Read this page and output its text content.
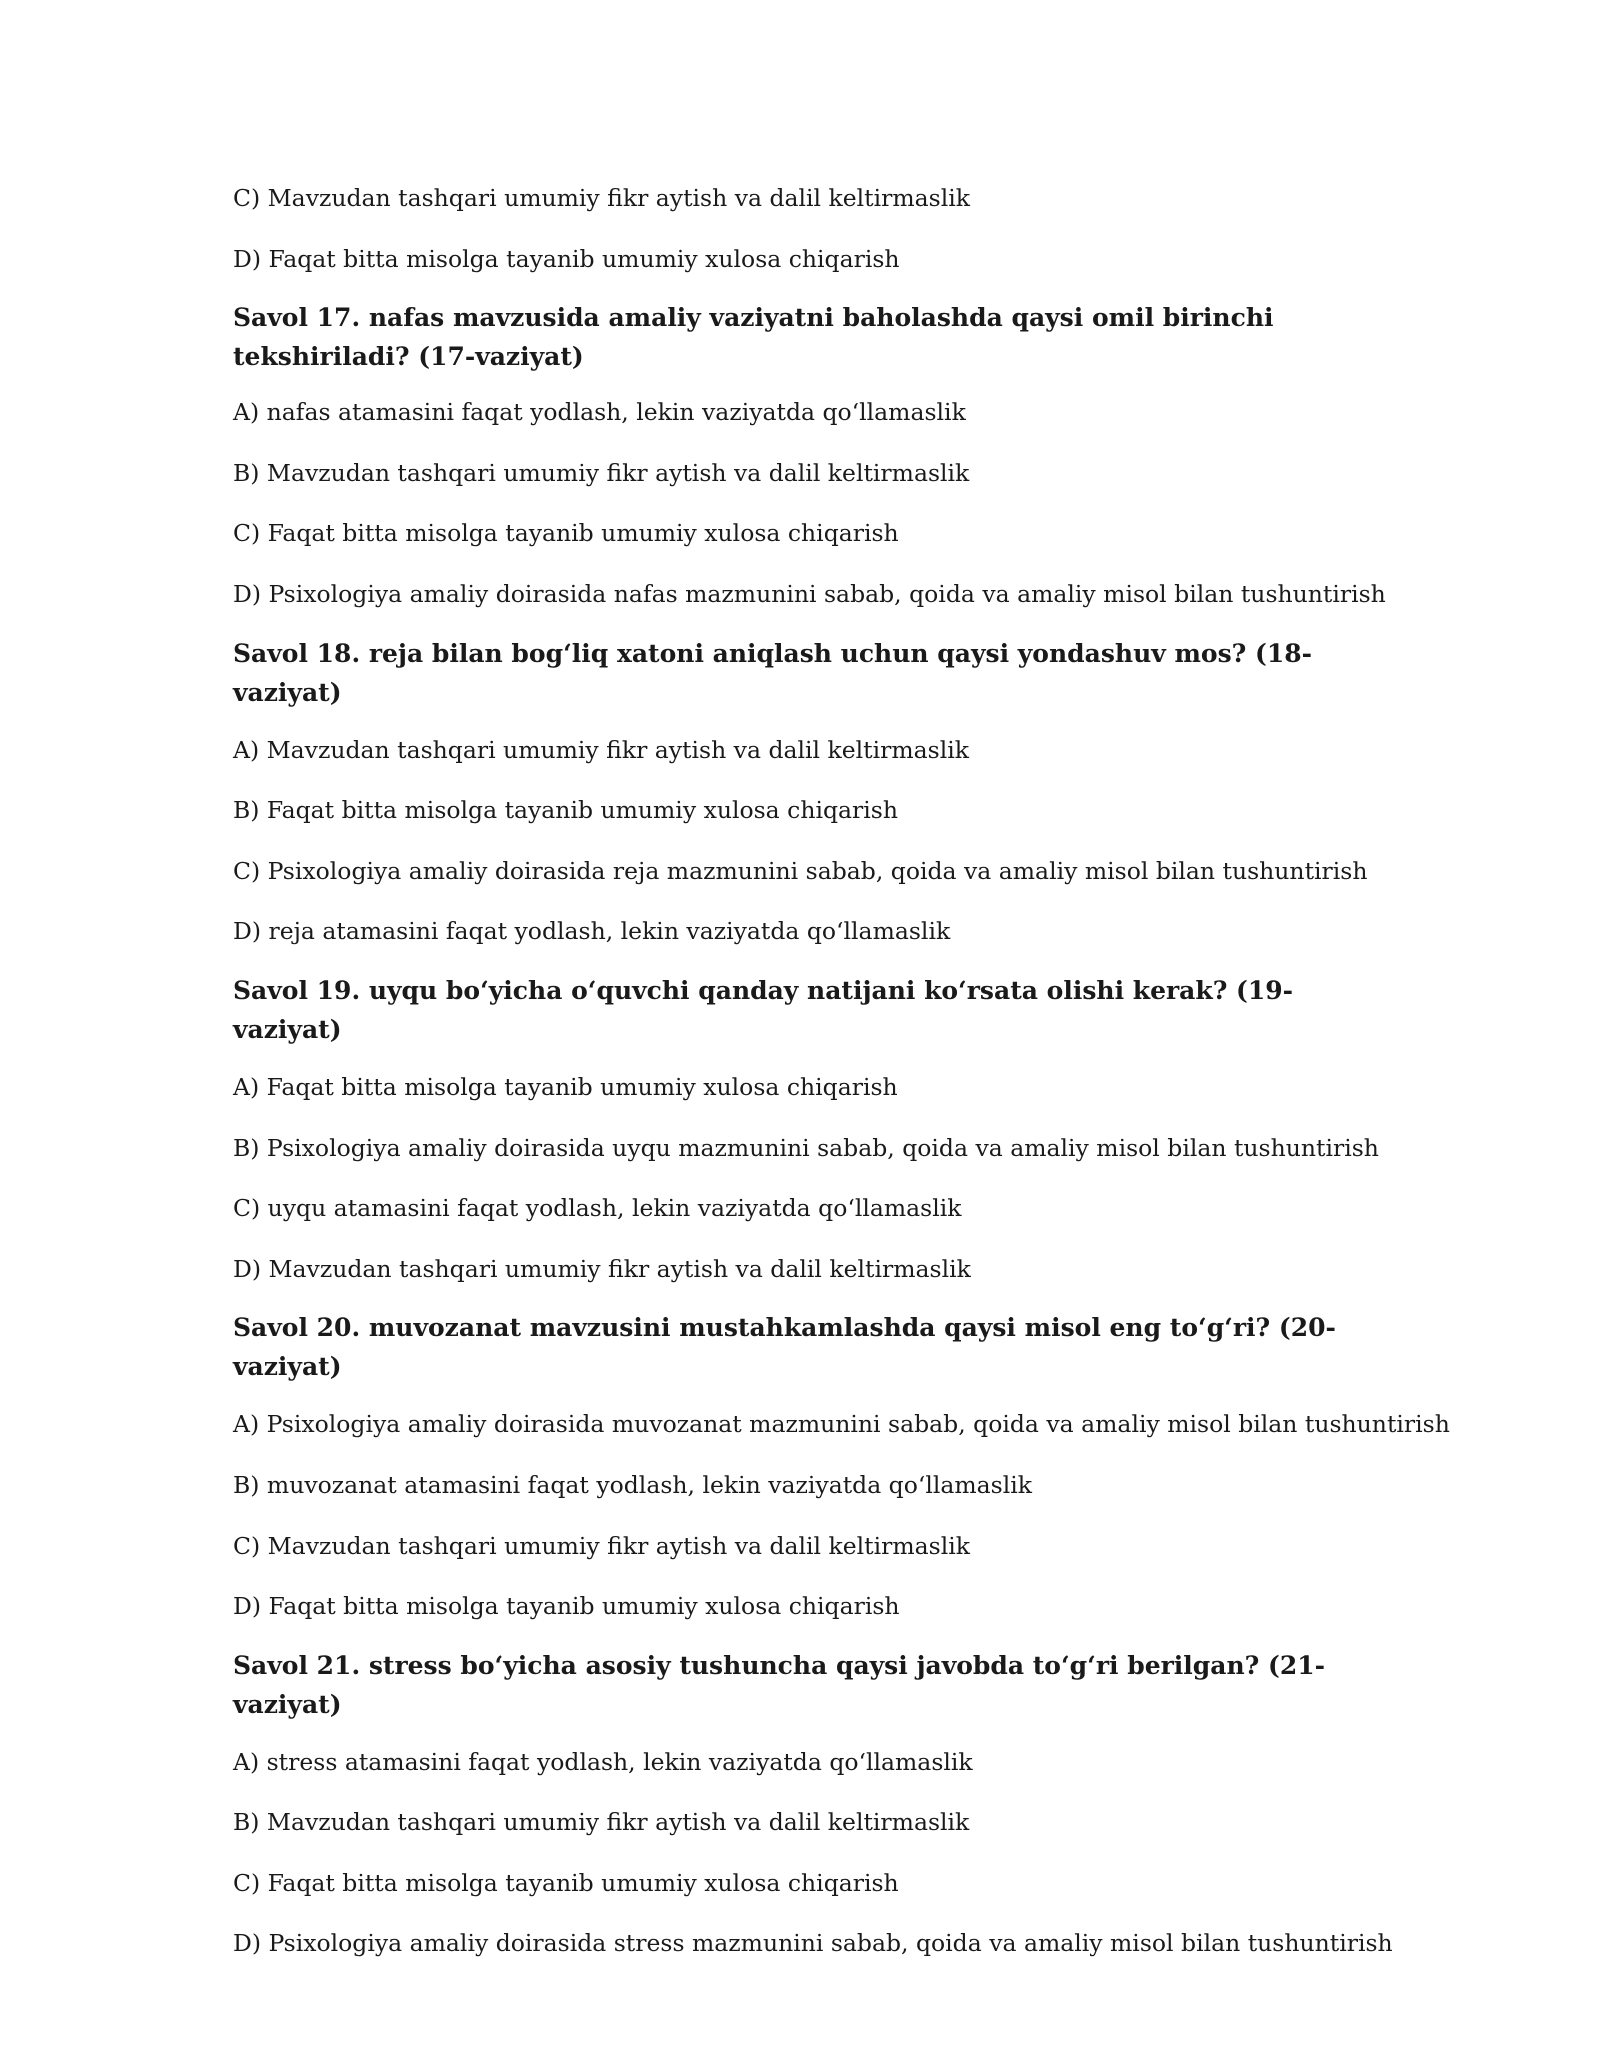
C) Mavzudan tashqari umumiy fikr aytish va dalil keltirmaslik

D) Faqat bitta misolga tayanib umumiy xulosa chiqarish

Savol 17. nafas mavzusida amaliy vaziyatni baholashda qaysi omil birinchi tekshiriladi? (17-vaziyat)

A) nafas atamasini faqat yodlash, lekin vaziyatda qo‘llamaslik

B) Mavzudan tashqari umumiy fikr aytish va dalil keltirmaslik

C) Faqat bitta misolga tayanib umumiy xulosa chiqarish

D) Psixologiya amaliy doirasida nafas mazmunini sabab, qoida va amaliy misol bilan tushuntirish

Savol 18. reja bilan bog‘liq xatoni aniqlash uchun qaysi yondashuv mos? (18-vaziyat)

A) Mavzudan tashqari umumiy fikr aytish va dalil keltirmaslik

B) Faqat bitta misolga tayanib umumiy xulosa chiqarish

C) Psixologiya amaliy doirasida reja mazmunini sabab, qoida va amaliy misol bilan tushuntirish

D) reja atamasini faqat yodlash, lekin vaziyatda qo‘llamaslik

Savol 19. uyqu bo‘yicha o‘quvchi qanday natijani ko‘rsata olishi kerak? (19-vaziyat)

A) Faqat bitta misolga tayanib umumiy xulosa chiqarish

B) Psixologiya amaliy doirasida uyqu mazmunini sabab, qoida va amaliy misol bilan tushuntirish

C) uyqu atamasini faqat yodlash, lekin vaziyatda qo‘llamaslik

D) Mavzudan tashqari umumiy fikr aytish va dalil keltirmaslik

Savol 20. muvozanat mavzusini mustahkamlashda qaysi misol eng to‘g‘ri? (20-vaziyat)

A) Psixologiya amaliy doirasida muvozanat mazmunini sabab, qoida va amaliy misol bilan tushuntirish

B) muvozanat atamasini faqat yodlash, lekin vaziyatda qo‘llamaslik

C) Mavzudan tashqari umumiy fikr aytish va dalil keltirmaslik

D) Faqat bitta misolga tayanib umumiy xulosa chiqarish

Savol 21. stress bo‘yicha asosiy tushuncha qaysi javobda to‘g‘ri berilgan? (21-vaziyat)

A) stress atamasini faqat yodlash, lekin vaziyatda qo‘llamaslik

B) Mavzudan tashqari umumiy fikr aytish va dalil keltirmaslik

C) Faqat bitta misolga tayanib umumiy xulosa chiqarish

D) Psixologiya amaliy doirasida stress mazmunini sabab, qoida va amaliy misol bilan tushuntirish
